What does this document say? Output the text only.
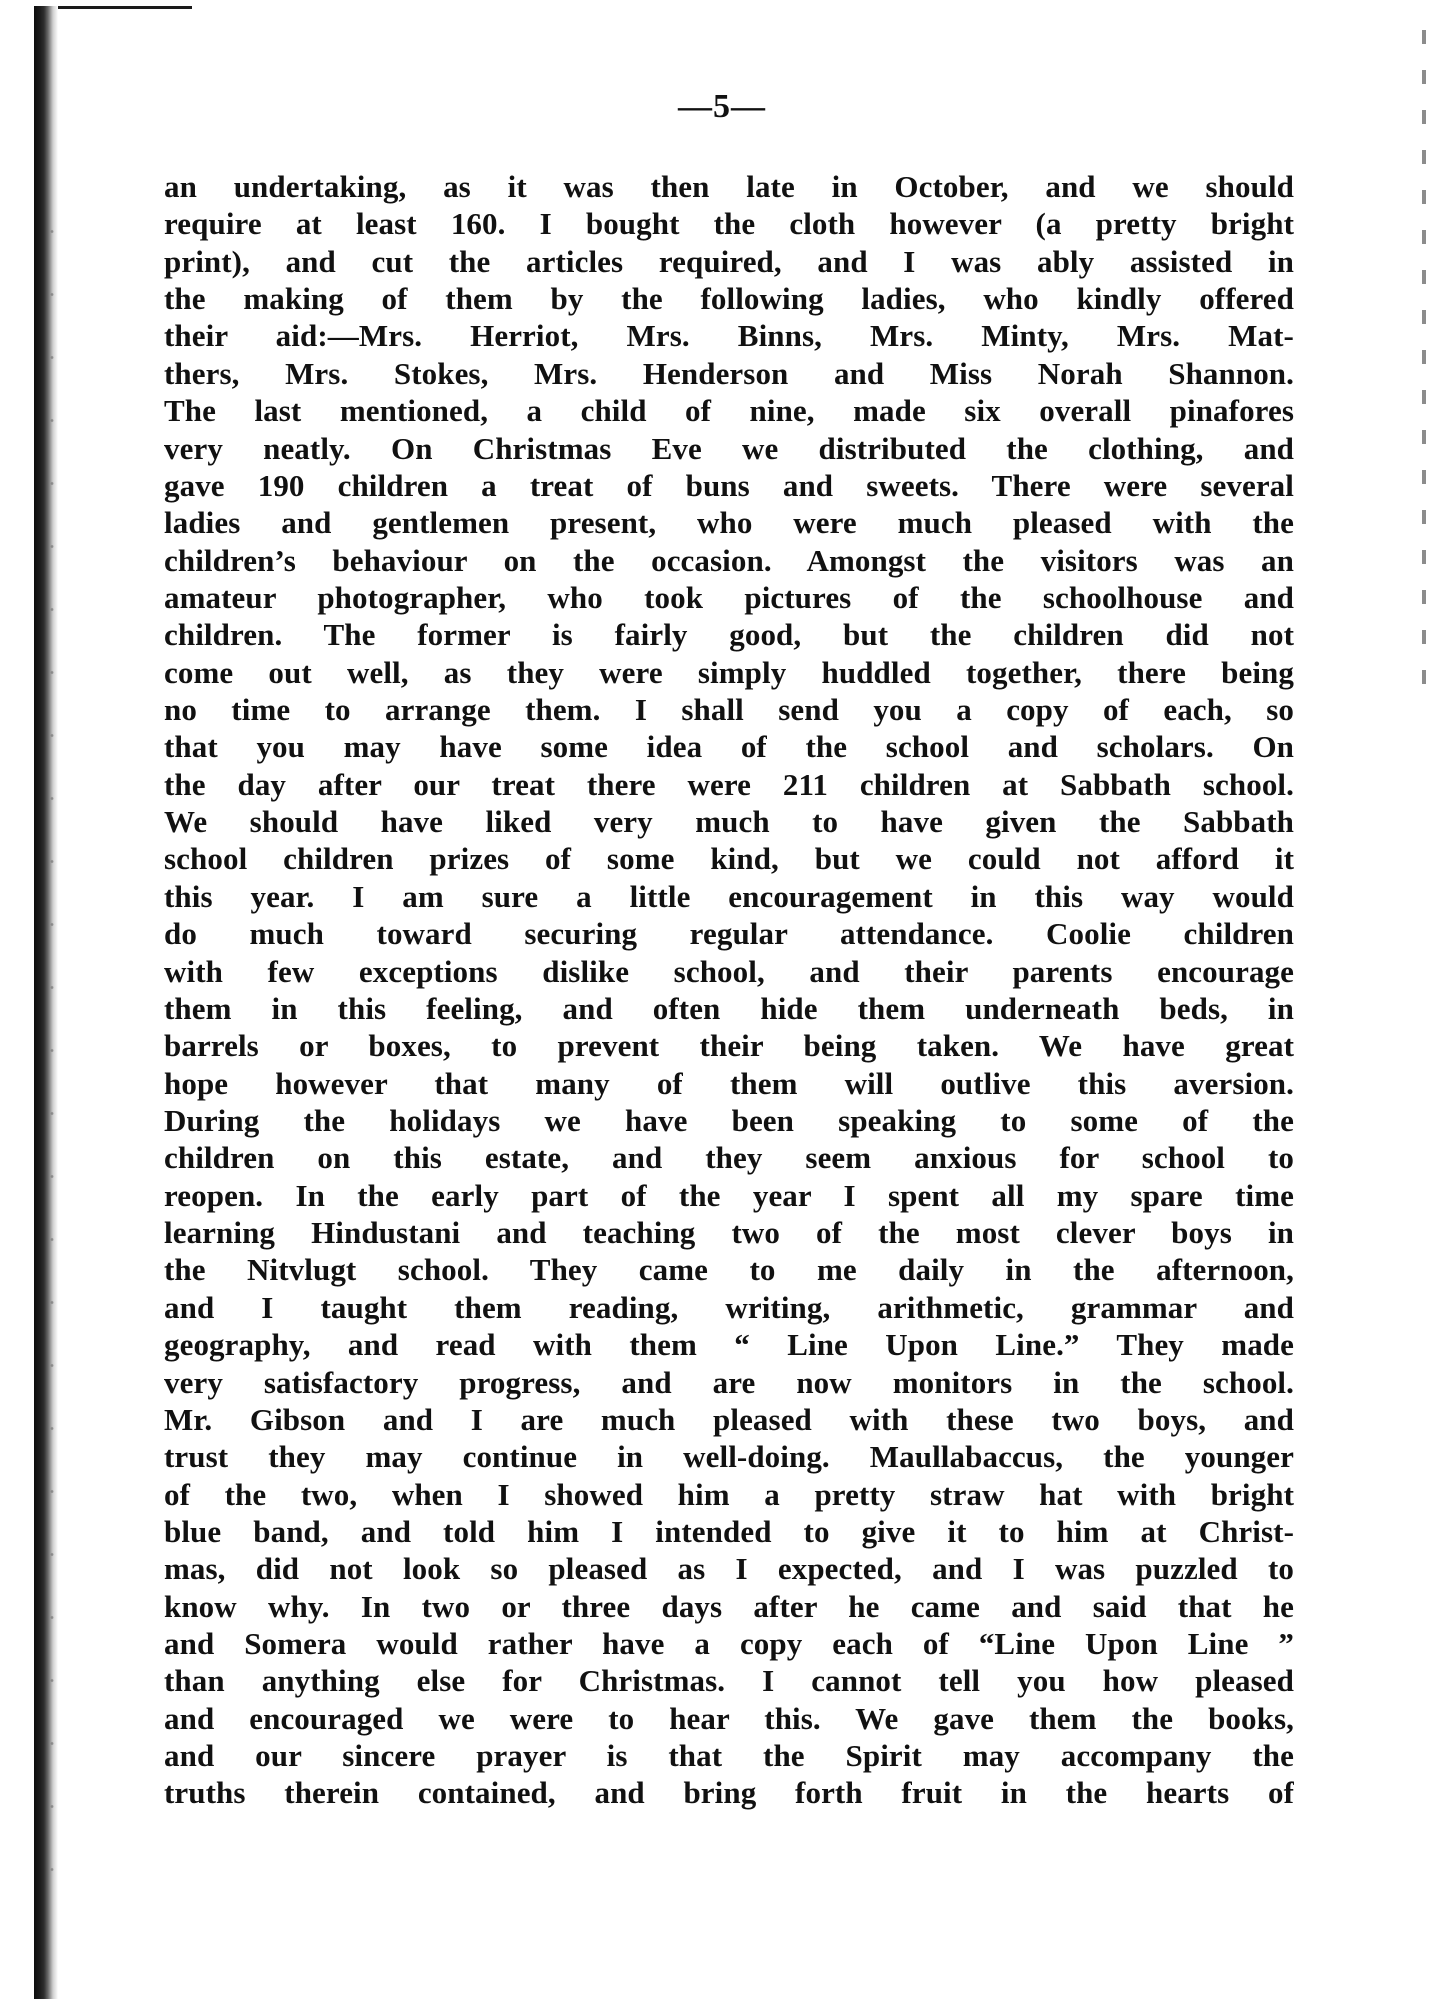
—5—
an undertaking, as it was then late in October, and we should
require at least 160. I bought the cloth however (a pretty bright
print), and cut the articles required, and I was ably assisted in
the making of them by the following ladies, who kindly offered
their aid:—Mrs. Herriot, Mrs. Binns, Mrs. Minty, Mrs. Mat-
thers, Mrs. Stokes, Mrs. Henderson and Miss Norah Shannon.
The last mentioned, a child of nine, made six overall pinafores
very neatly. On Christmas Eve we distributed the clothing, and
gave 190 children a treat of buns and sweets. There were several
ladies and gentlemen present, who were much pleased with the
children’s behaviour on the occasion. Amongst the visitors was an
amateur photographer, who took pictures of the schoolhouse and
children. The former is fairly good, but the children did not
come out well, as they were simply huddled together, there being
no time to arrange them. I shall send you a copy of each, so
that you may have some idea of the school and scholars. On
the day after our treat there were 211 children at Sabbath school.
We should have liked very much to have given the Sabbath
school children prizes of some kind, but we could not afford it
this year. I am sure a little encouragement in this way would
do much toward securing regular attendance. Coolie children
with few exceptions dislike school, and their parents encourage
them in this feeling, and often hide them underneath beds, in
barrels or boxes, to prevent their being taken. We have great
hope however that many of them will outlive this aversion.
During the holidays we have been speaking to some of the
children on this estate, and they seem anxious for school to
reopen. In the early part of the year I spent all my spare time
learning Hindustani and teaching two of the most clever boys in
the Nitvlugt school. They came to me daily in the afternoon,
and I taught them reading, writing, arithmetic, grammar and
geography, and read with them “ Line Upon Line.” They made
very satisfactory progress, and are now monitors in the school.
Mr. Gibson and I are much pleased with these two boys, and
trust they may continue in well-doing. Maullabaccus, the younger
of the two, when I showed him a pretty straw hat with bright
blue band, and told him I intended to give it to him at Christ-
mas, did not look so pleased as I expected, and I was puzzled to
know why. In two or three days after he came and said that he
and Somera would rather have a copy each of “Line Upon Line ”
than anything else for Christmas. I cannot tell you how pleased
and encouraged we were to hear this. We gave them the books,
and our sincere prayer is that the Spirit may accompany the
truths therein contained, and bring forth fruit in the hearts of
